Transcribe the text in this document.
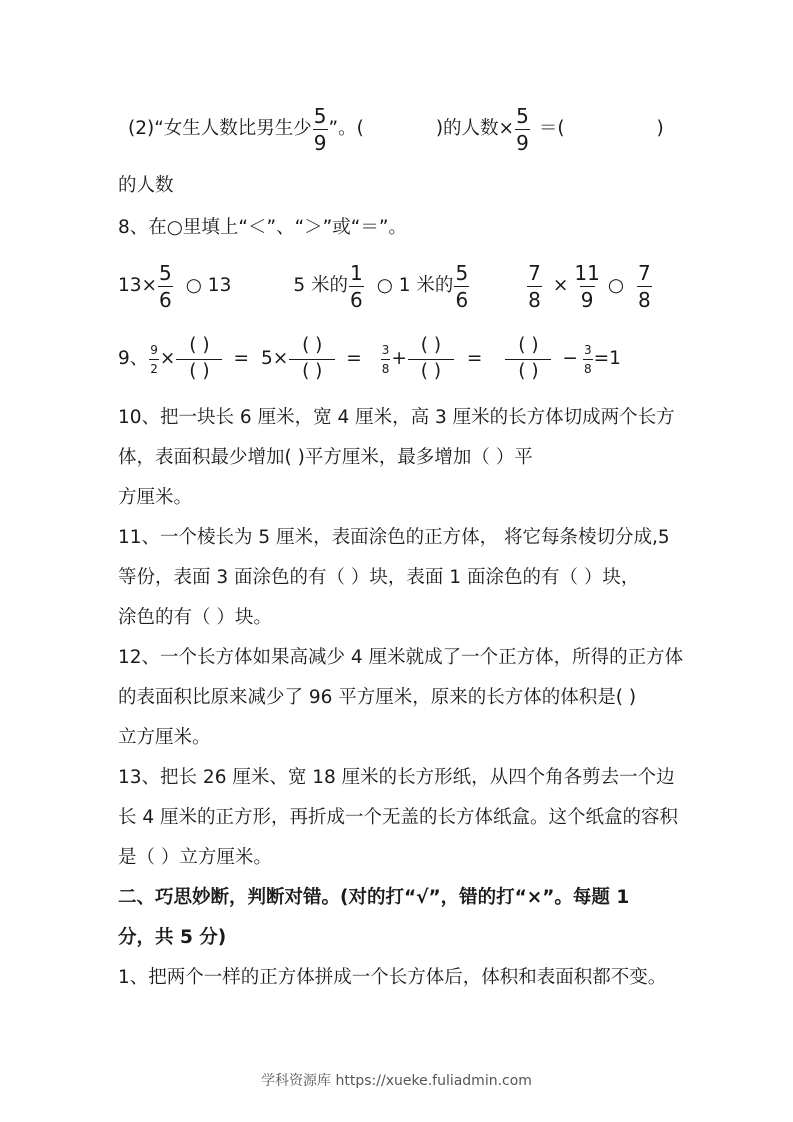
(2)“女生人数比男生少 $\frac{5}{9}$ ”。(	)的人数× $\frac{5}{9}$ ＝(	)
的人数
8、在○里填上“＜”、“＞”或“＝”。
$13\times \frac{5}{6}$ ○ 13	5 米的 $\frac{1}{6}$ ○ 1 米的 $\frac{5}{6}$	$\frac{7}{8} \times \frac{11}{9}$ ○ $\frac{7}{8}$
9、 $\frac{9}{2} \times \frac{( )}{( )} = 5\times \frac{( )}{( )} = \frac{3}{8} + \frac{( )}{( )} = \frac{( )}{( )} - \frac{3}{8} =1$
10、把一块长 6 厘米，宽 4 厘米，高 3 厘米的长方体切成两个长方
体，表面积最少增加( )平方厘米，最多增加（ ）平
方厘米。
11、一个棱长为 5 厘米，表面涂色的正方体， 将它每条棱切分成,5
等份，表面 3 面涂色的有（ ）块，表面 1 面涂色的有（ ）块，
涂色的有（ ）块。
12、一个长方体如果高减少 4 厘米就成了一个正方体，所得的正方体
的表面积比原来减少了 96 平方厘米，原来的长方体的体积是( )
立方厘米。
13、把长 26 厘米、宽 18 厘米的长方形纸，从四个角各剪去一个边
长 4 厘米的正方形，再折成一个无盖的长方体纸盒。这个纸盒的容积
是（ ）立方厘米。
二、巧思妙断，判断对错。(对的打“√”，错的打“×”。每题 1
分，共 5 分)
1、把两个一样的正方体拼成一个长方体后，体积和表面积都不变。
学科资源库 https://xueke.fuliadmin.com
